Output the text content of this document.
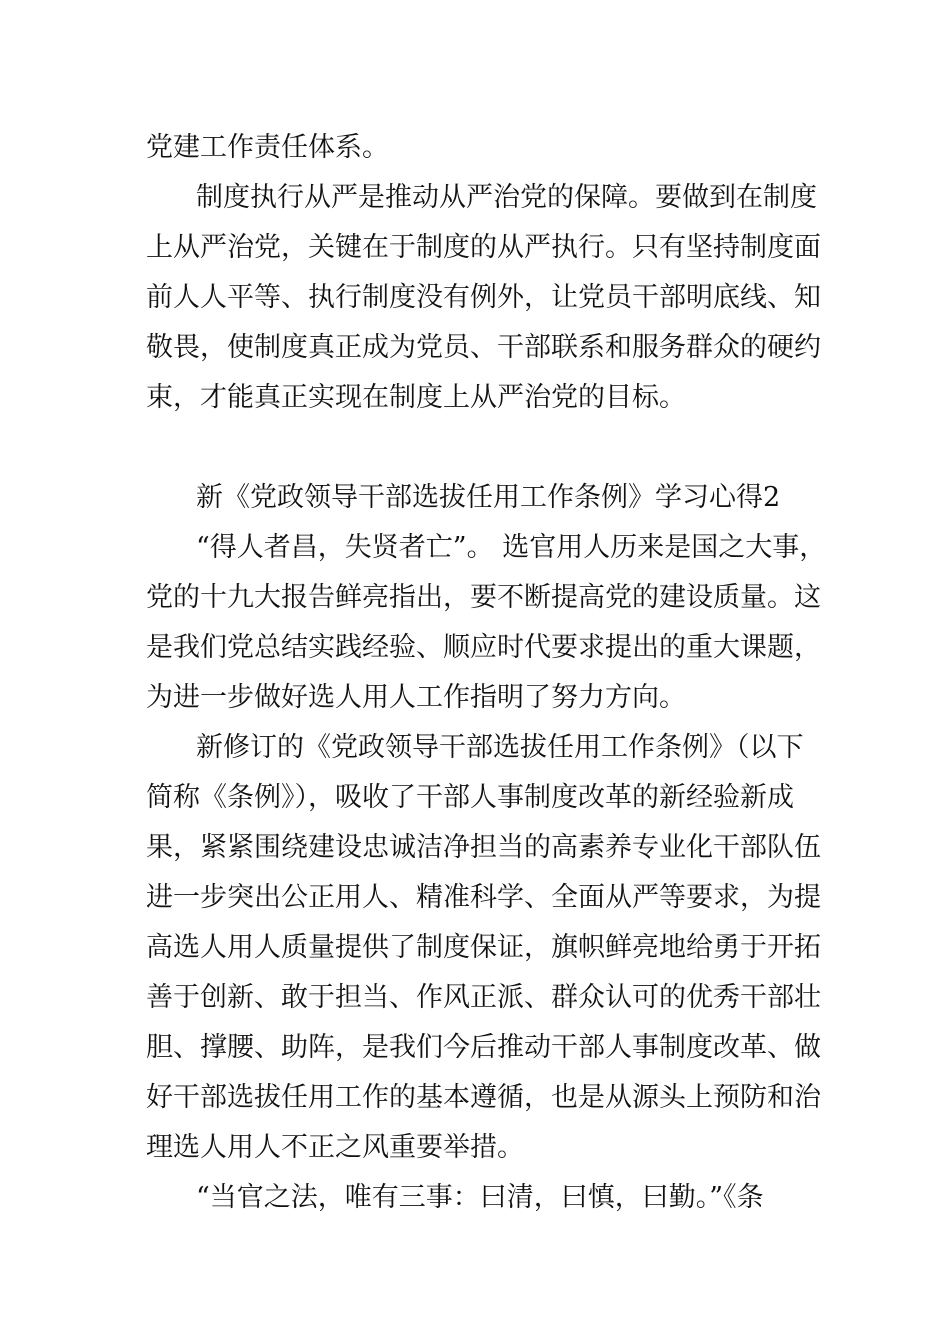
党建工作责任体系。
制度执行从严是推动从严治党的保障。要做到在制度
上从严治党，关键在于制度的从严执行。只有坚持制度面
前人人平等、执行制度没有例外，让党员干部明底线、知
敬畏，使制度真正成为党员、干部联系和服务群众的硬约
束，才能真正实现在制度上从严治党的目标。
新《党政领导干部选拔任用工作条例》学习心得2
“得人者昌，失贤者亡”。 选官用人历来是国之大事，
党的十九大报告鲜亮指出，要不断提高党的建设质量。这
是我们党总结实践经验、顺应时代要求提出的重大课题，
为进一步做好选人用人工作指明了努力方向。
新修订的《党政领导干部选拔任用工作条例》（以下
简称《条例》），吸收了干部人事制度改革的新经验新成
果，紧紧围绕建设忠诚洁净担当的高素养专业化干部队伍
进一步突出公正用人、精准科学、全面从严等要求，为提
高选人用人质量提供了制度保证，旗帜鲜亮地给勇于开拓
善于创新、敢于担当、作风正派、群众认可的优秀干部壮
胆、撑腰、助阵，是我们今后推动干部人事制度改革、做
好干部选拔任用工作的基本遵循，也是从源头上预防和治
理选人用人不正之风重要举措。
“当官之法，唯有三事：曰清，曰慎，曰勤。”《条
